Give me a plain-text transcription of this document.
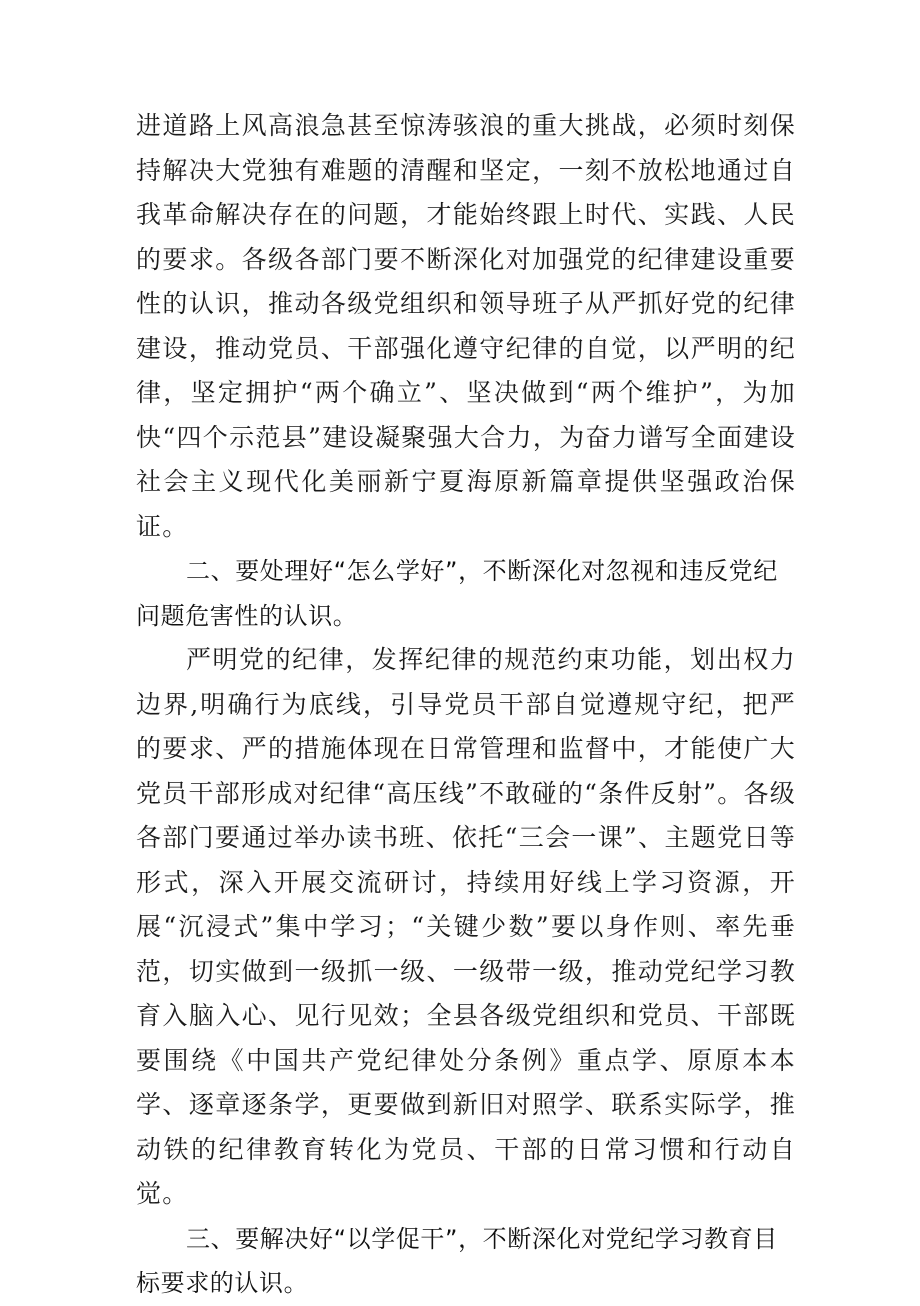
进道路上风高浪急甚至惊涛骇浪的重大挑战，必须时刻保持解决大党独有难题的清醒和坚定，一刻不放松地通过自我革命解决存在的问题，才能始终跟上时代、实践、人民的要求。各级各部门要不断深化对加强党的纪律建设重要性的认识，推动各级党组织和领导班子从严抓好党的纪律建设，推动党员、干部强化遵守纪律的自觉，以严明的纪律，坚定拥护“两个确立”、坚决做到“两个维护”，为加快“四个示范县”建设凝聚强大合力，为奋力谱写全面建设社会主义现代化美丽新宁夏海原新篇章提供坚强政治保证。

二、要处理好“怎么学好”，不断深化对忽视和违反党纪问题危害性的认识。

严明党的纪律，发挥纪律的规范约束功能，划出权力边界,明确行为底线，引导党员干部自觉遵规守纪，把严的要求、严的措施体现在日常管理和监督中，才能使广大党员干部形成对纪律“高压线”不敢碰的“条件反射”。各级各部门要通过举办读书班、依托“三会一课”、主题党日等形式，深入开展交流研讨，持续用好线上学习资源，开展“沉浸式”集中学习；“关键少数”要以身作则、率先垂范，切实做到一级抓一级、一级带一级，推动党纪学习教育入脑入心、见行见效；全县各级党组织和党员、干部既要围绕《中国共产党纪律处分条例》重点学、原原本本学、逐章逐条学，更要做到新旧对照学、联系实际学，推动铁的纪律教育转化为党员、干部的日常习惯和行动自觉。

三、要解决好“以学促干”，不断深化对党纪学习教育目标要求的认识。
